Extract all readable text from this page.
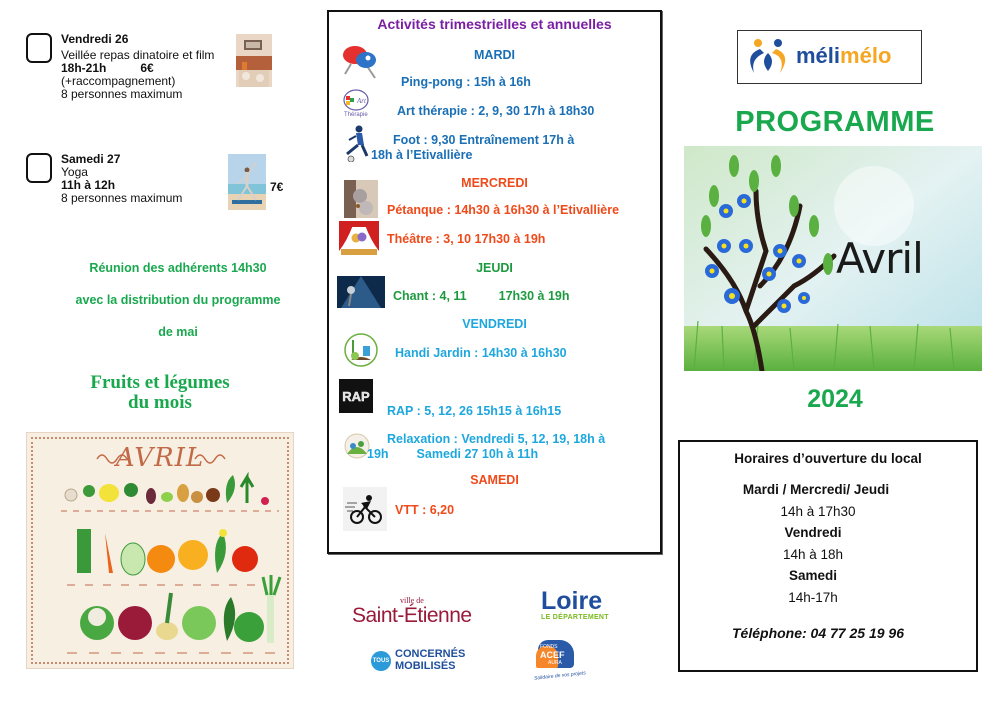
Vendredi 26
Veillée repas dinatoire et film
18h-21h	6€
(+raccompagnement)
8 personnes maximum
Samedi 27
Yoga
11h à 12h
8 personnes maximum
7€
Réunion des adhérents 14h30
avec la distribution du programme
de mai
Fruits et légumes
du mois
AVRIL
Activités trimestrielles et annuelles
MARDI
Ping-pong : 15h à 16h
Art
Thérapie Art thérapie : 2, 9, 30 17h à 18h30
Foot : 9,30 Entraînement 17h à
18h à l’Etivallière
MERCREDI
Pétanque : 14h30 à 16h30 à l’Etivallière
Théâtre : 3, 10 17h30 à 19h
JEUDI
Chant : 4, 11	17h30 à 19h
VENDREDI
Handi Jardin : 14h30 à 16h30
RAP
RAP : 5, 12, 26 15h15 à 16h15
Relaxation : Vendredi 5, 12, 19, 18h à
19h Samedi 27 10h à 11h
SAMEDI
VTT : 6,20
ville de
Saint-Étienne
Loire
LE DÉPARTEMENT
TOUS
CONCERNÉS
MOBILISÉS
FONDS
ACEF
AURA
Solidaire de vos projets
mélimélo
PROGRAMME
Avril
2024
Horaires d’ouverture du local
Mardi / Mercredi/ Jeudi
14h à 17h30
Vendredi
14h à 18h
Samedi
14h-17h
Téléphone: 04 77 25 19 96
